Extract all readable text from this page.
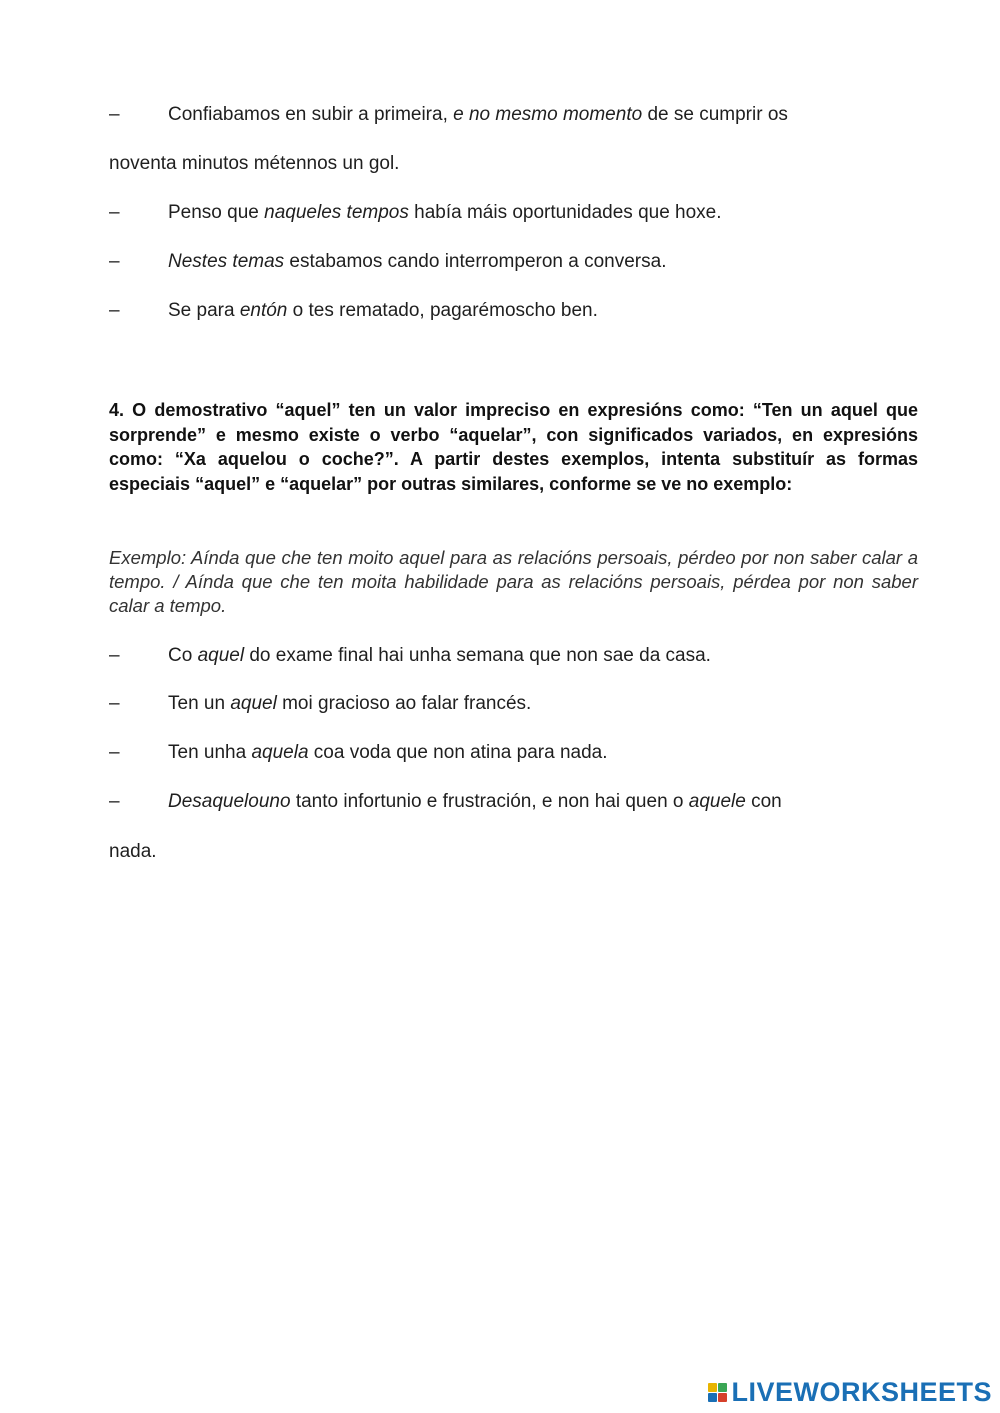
–	Confiabamos en subir a primeira, e no mesmo momento de se cumprir os
noventa minutos métennos un gol.
–	Penso que naqueles tempos había máis oportunidades que hoxe.
–	Nestes temas estabamos cando interromperon a conversa.
–	Se para entón o tes rematado, pagarémoscho ben.
4. O demostrativo “aquel” ten un valor impreciso en expresións como: “Ten un aquel que sorprende” e mesmo existe o verbo “aquelar”, con significados variados, en expresións como: “Xa aquelou o coche?”. A partir destes exemplos, intenta substituír as formas especiais “aquel” e “aquelar” por outras similares, conforme se ve no exemplo:
Exemplo: Aínda que che ten moito aquel para as relacións persoais, pérdeo por non saber calar a tempo. / Aínda que che ten moita habilidade para as relacións persoais, pérdea por non saber calar a tempo.
–	Co aquel do exame final hai unha semana que non sae da casa.
–	Ten un aquel moi gracioso ao falar francés.
–	Ten unha aquela coa voda que non atina para nada.
–	Desaquelouno tanto infortunio e frustración, e non hai quen o aquele con
nada.
LIVEWORKSHEETS
